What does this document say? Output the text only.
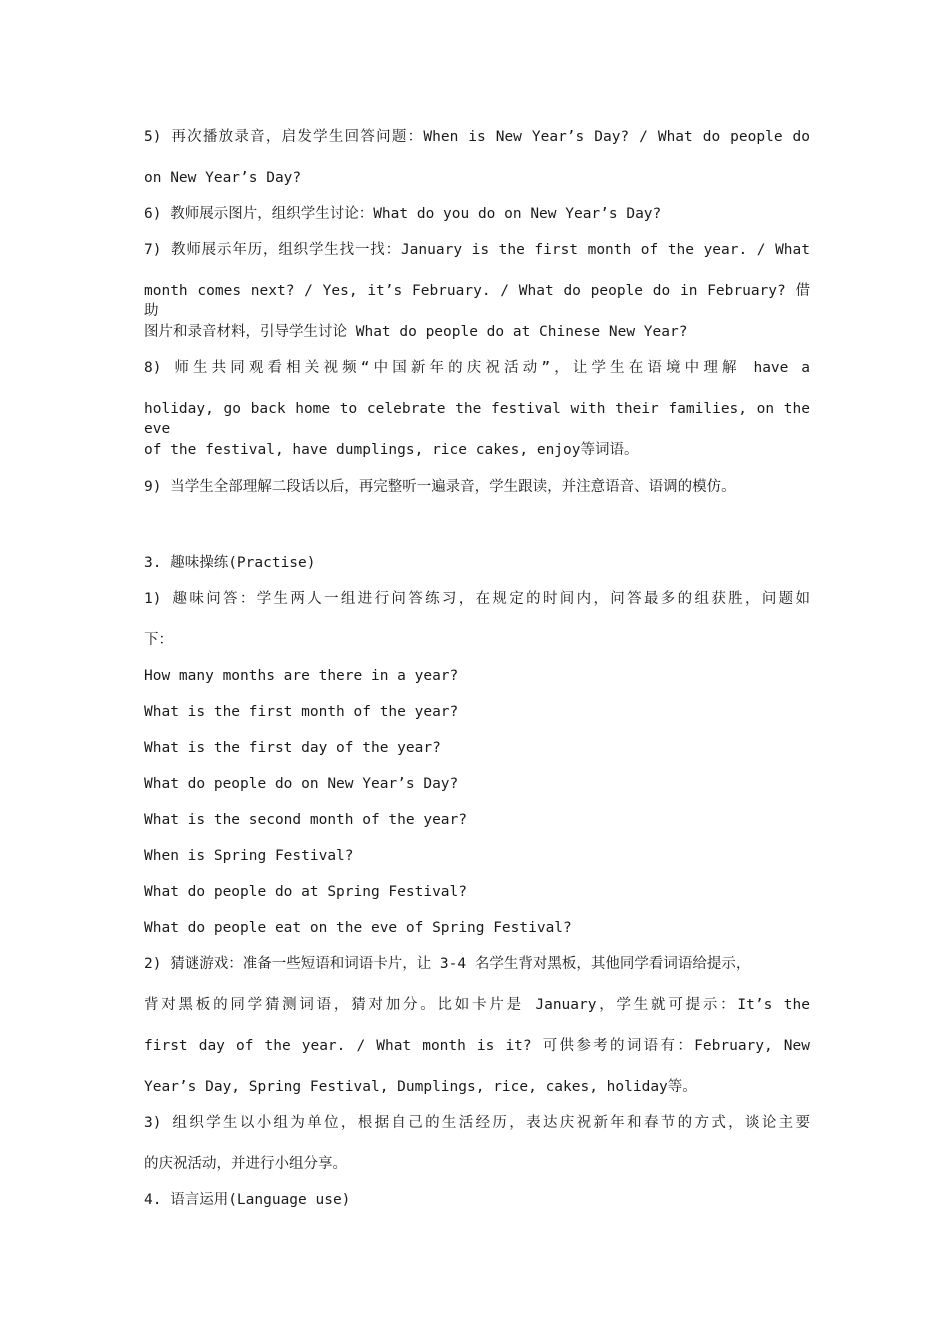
5) 再次播放录音，启发学生回答问题：When is New Year’s Day? / What do people do
on New Year’s Day?
6) 教师展示图片，组织学生讨论：What do you do on New Year’s Day?
7) 教师展示年历，组织学生找一找：January is the first month of the year. / What
month comes next? / Yes, it’s February. / What do people do in February? 借助
图片和录音材料，引导学生讨论 What do people do at Chinese New Year?
8) 师生共同观看相关视频“中国新年的庆祝活动”，让学生在语境中理解 have a
holiday, go back home to celebrate the festival with their families, on the eve
of the festival, have dumplings, rice cakes, enjoy等词语。
9) 当学生全部理解二段话以后，再完整听一遍录音，学生跟读，并注意语音、语调的模仿。
3. 趣味操练(Practise)
1) 趣味问答：学生两人一组进行问答练习，在规定的时间内，问答最多的组获胜，问题如
下：
How many months are there in a year?
What is the first month of the year?
What is the first day of the year?
What do people do on New Year’s Day?
What is the second month of the year?
When is Spring Festival?
What do people do at Spring Festival?
What do people eat on the eve of Spring Festival?
2) 猜谜游戏：准备一些短语和词语卡片，让 3-4 名学生背对黑板，其他同学看词语给提示，
背对黑板的同学猜测词语，猜对加分。比如卡片是 January，学生就可提示：It’s the
first day of the year. / What month is it? 可供参考的词语有：February, New
Year’s Day, Spring Festival, Dumplings, rice, cakes, holiday等。
3) 组织学生以小组为单位，根据自己的生活经历，表达庆祝新年和春节的方式，谈论主要
的庆祝活动，并进行小组分享。
4. 语言运用(Language use)
